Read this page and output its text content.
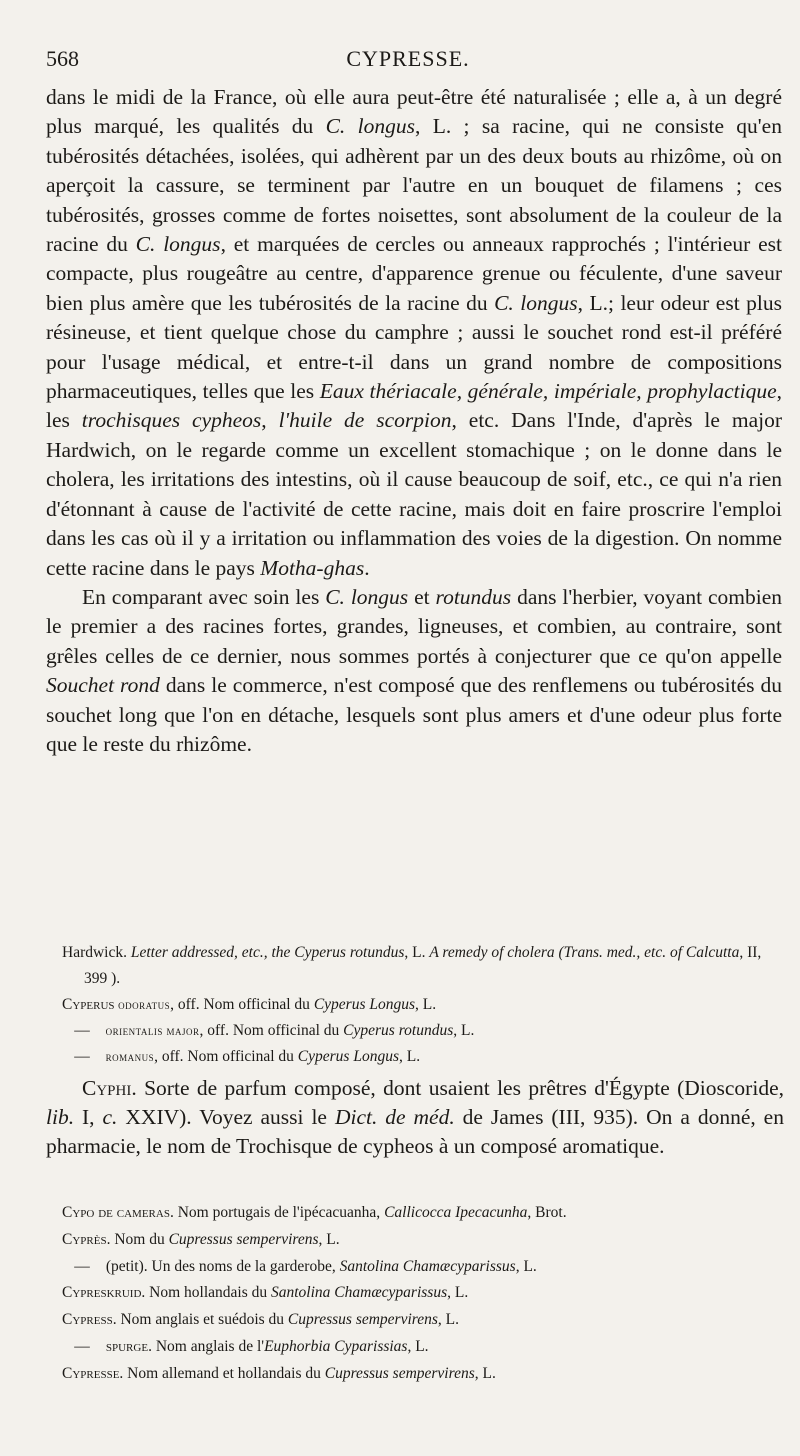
568	CYPRESSE.

dans le midi de la France, où elle aura peut-être été naturalisée ; elle a, à un degré plus marqué, les qualités du C. longus, L. ; sa racine, qui ne consiste qu'en tubérosités détachées, isolées, qui adhèrent par un des deux bouts au rhizôme, où on aperçoit la cassure, se terminent par l'autre en un bouquet de filamens ; ces tubérosités, grosses comme de fortes noisettes, sont absolument de la couleur de la racine du C. longus, et marquées de cercles ou anneaux rapprochés ; l'intérieur est compacte, plus rougeâtre au centre, d'apparence grenue ou féculente, d'une saveur bien plus amère que les tubérosités de la racine du C. longus, L.; leur odeur est plus résineuse, et tient quelque chose du camphre ; aussi le souchet rond est-il préféré pour l'usage médical, et entre-t-il dans un grand nombre de compositions pharmaceutiques, telles que les Eaux thériacale, générale, impériale, prophylactique, les trochisques cypheos, l'huile de scorpion, etc. Dans l'Inde, d'après le major Hardwich, on le regarde comme un excellent stomachique ; on le donne dans le cholera, les irritations des intestins, où il cause beaucoup de soif, etc., ce qui n'a rien d'étonnant à cause de l'activité de cette racine, mais doit en faire proscrire l'emploi dans les cas où il y a irritation ou inflammation des voies de la digestion. On nomme cette racine dans le pays Motha-ghas.

En comparant avec soin les C. longus et rotundus dans l'herbier, voyant combien le premier a des racines fortes, grandes, ligneuses, et combien, au contraire, sont grêles celles de ce dernier, nous sommes portés à conjecturer que ce qu'on appelle Souchet rond dans le commerce, n'est composé que des renflemens ou tubérosités du souchet long que l'on en détache, lesquels sont plus amers et d'une odeur plus forte que le reste du rhizôme.

Hardwick. Letter addressed, etc., the Cyperus rotundus, L. A remedy of cholera (Trans. med., etc. of Calcutta, II, 399 ).

Cyperus odoratus, off. Nom officinal du Cyperus Longus, L.

— orientalis major, off. Nom officinal du Cyperus rotundus, L.

— romanus, off. Nom officinal du Cyperus Longus, L.

Cyphi. Sorte de parfum composé, dont usaient les prêtres d'Égypte (Dioscoride, lib. I, c. XXIV). Voyez aussi le Dict. de méd. de James (III, 935). On a donné, en pharmacie, le nom de Trochisque de cypheos à un composé aromatique.

Cypo de cameras. Nom portugais de l'ipécacuanha, Callicocca Ipecacunha, Brot.

Cyprès. Nom du Cupressus sempervirens, L.

— (petit). Un des noms de la garderobe, Santolina Chamæcyparissus, L.

Cypreskruid. Nom hollandais du Santolina Chamæcyparissus, L.

Cypress. Nom anglais et suédois du Cupressus sempervirens, L.

— spurge. Nom anglais de l'Euphorbia Cyparissias, L.

Cypresse. Nom allemand et hollandais du Cupressus sempervirens, L.
